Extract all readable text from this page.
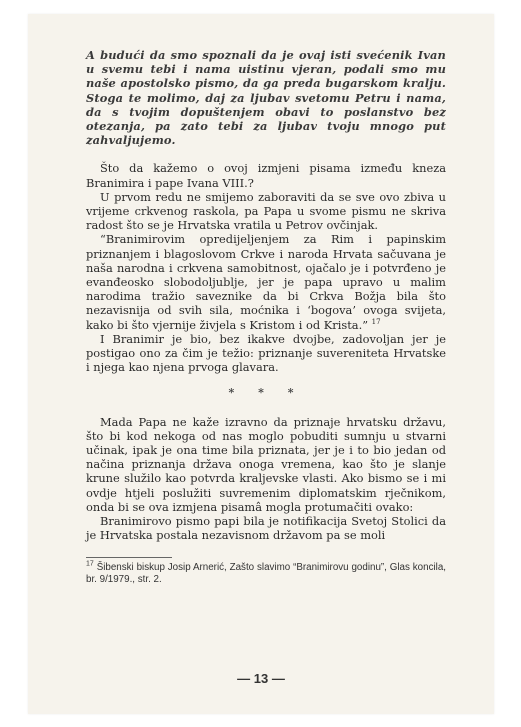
A budući da smo spoznali da je ovaj isti svećenik Ivan u svemu tebi i nama uistinu vjeran, podali smo mu naše apostolsko pismo, da ga preda bugarskom kralju. Stoga te molimo, daj za ljubav svetomu Petru i nama, da s tvojim dopuštenjem obavi to poslanstvo bez otezanja, pa zato tebi za ljubav tvoju mnogo put zahvaljujemo.

Što da kažemo o ovoj izmjeni pisama između kneza Branimira i pape Ivana VIII.?

U prvom redu ne smijemo zaboraviti da se sve ovo zbiva u vrijeme crkvenog raskola, pa Papa u svome pismu ne skriva radost što se je Hrvatska vratila u Petrov ovčinjak.

“Branimirovim opredijeljenjem za Rim i papinskim priznanjem i blagoslovom Crkve i naroda Hrvata sačuvana je naša narodna i crkvena samobitnost, ojačalo je i potvrđeno je evanđeosko slobodoljublje, jer je papa upravo u malim narodima tražio saveznike da bi Crkva Božja bila što nezavisnija od svih sila, moćnika i ‘bogova’ ovoga svijeta, kako bi što vjernije živjela s Kristom i od Krista.” $^{17}$

I Branimir je bio, bez ikakve dvojbe, zadovoljan jer je postigao ono za čim je težio: priznanje suvereniteta Hrvatske i njega kao njena prvoga glavara.

* * *

Mada Papa ne kaže izravno da priznaje hrvatsku državu, što bi kod nekoga od nas moglo pobuditi sumnju u stvarni učinak, ipak je ona time bila priznata, jer je i to bio jedan od načina priznanja država onoga vremena, kao što je slanje krune služilo kao potvrda kraljevske vlasti. Ako bismo se i mi ovdje htjeli poslužiti suvremenim diplomatskim rječnikom, onda bi se ova izmjena pisamâ mogla protumačiti ovako:

Branimirovo pismo papi bila je notifikacija Svetoj Stolici da je Hrvatska postala nezavisnom državom pa se moli

$^{17}$ Šibenski biskup Josip Arnerić, Zašto slavimo “Branimirovu godinu”, Glas koncila, br. 9/1979., str. 2.

— 13 —
